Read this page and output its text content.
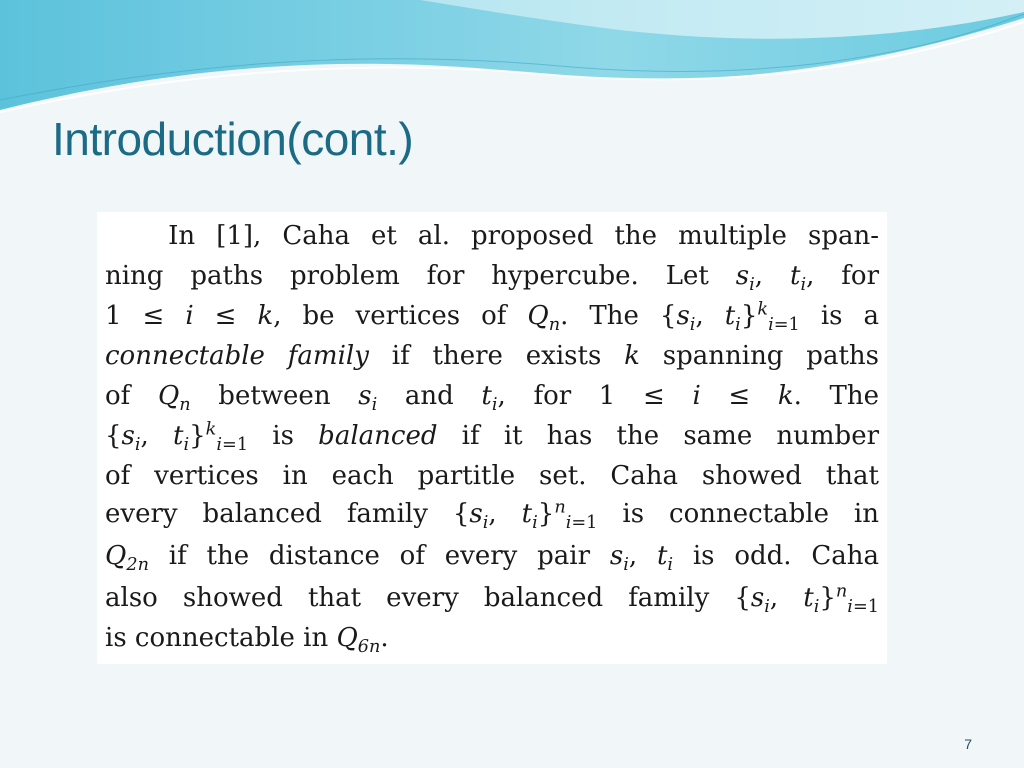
Introduction(cont.)
In [1], Caha et al. proposed the multiple span-
ning paths problem for hypercube. Let $s_i$, $t_i$, for
1 ≤ i ≤ k, be vertices of $Q_n$. The {$s_i$, $t_i\}^k_{i=1}$ is a
connectable family if there exists k spanning paths
of $Q_n$ between $s_i$ and $t_i$, for 1 ≤ i ≤ k. The
{$s_i$, $t_i\}^k_{i=1}$ is balanced if it has the same number
of vertices in each partitle set. Caha showed that
every balanced family {$s_i$, $t_i\}^n_{i=1}$ is connectable in
$Q_{2n}$ if the distance of every pair $s_i$, $t_i$ is odd. Caha
also showed that every balanced family {$s_i$, $t_i\}^n_{i=1}$
is connectable in $Q_{6n}$.
7
